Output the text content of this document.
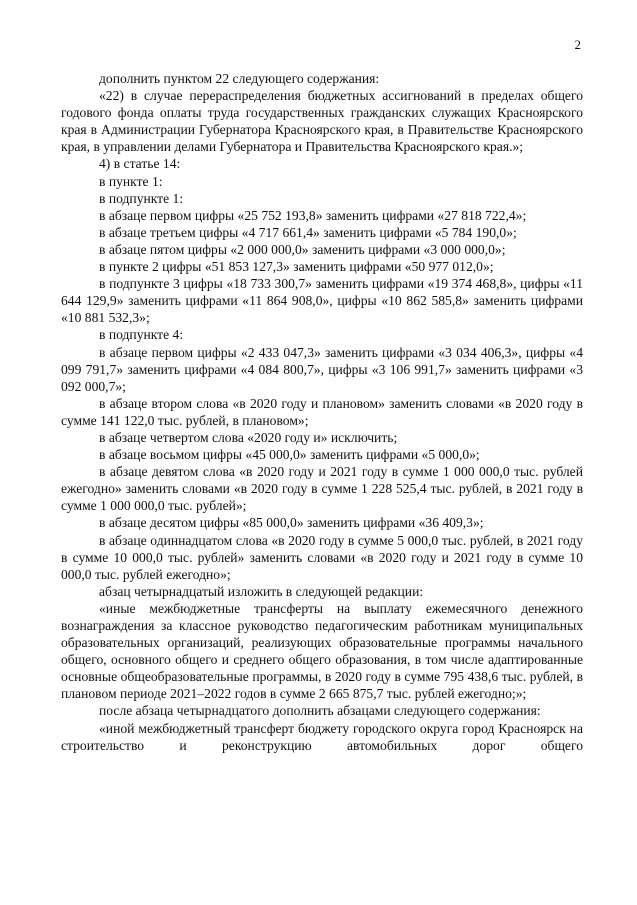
2

дополнить пунктом 22 следующего содержания:

«22) в случае перераспределения бюджетных ассигнований в пределах общего годового фонда оплаты труда государственных гражданских служащих Красноярского края в Администрации Губернатора Красноярского края, в Правительстве Красноярского края, в управлении делами Губернатора и Правительства Красноярского края.»;

4) в статье 14:

в пункте 1:

в подпункте 1:

в абзаце первом цифры «25 752 193,8» заменить цифрами «27 818 722,4»;

в абзаце третьем цифры «4 717 661,4» заменить цифрами «5 784 190,0»;

в абзаце пятом цифры «2 000 000,0» заменить цифрами «3 000 000,0»;

в пункте 2 цифры «51 853 127,3» заменить цифрами «50 977 012,0»;

в подпункте 3 цифры «18 733 300,7» заменить цифрами «19 374 468,8», цифры «11 644 129,9» заменить цифрами «11 864 908,0», цифры «10 862 585,8» заменить цифрами «10 881 532,3»;

в подпункте 4:

в абзаце первом цифры «2 433 047,3» заменить цифрами «3 034 406,3», цифры «4 099 791,7» заменить цифрами «4 084 800,7», цифры «3 106 991,7» заменить цифрами «3 092 000,7»;

в абзаце втором слова «в 2020 году и плановом» заменить словами «в 2020 году в сумме 141 122,0 тыс. рублей, в плановом»;

в абзаце четвертом слова «2020 году и» исключить;

в абзаце восьмом цифры «45 000,0» заменить цифрами «5 000,0»;

в абзаце девятом слова «в 2020 году и 2021 году в сумме 1 000 000,0 тыс. рублей ежегодно» заменить словами «в 2020 году в сумме 1 228 525,4 тыс. рублей, в 2021 году в сумме 1 000 000,0 тыс. рублей»;

в абзаце десятом цифры «85 000,0» заменить цифрами «36 409,3»;

в абзаце одиннадцатом слова «в 2020 году в сумме 5 000,0 тыс. рублей, в 2021 году в сумме 10 000,0 тыс. рублей» заменить словами «в 2020 году и 2021 году в сумме 10 000,0 тыс. рублей ежегодно»;

абзац четырнадцатый изложить в следующей редакции:

«иные межбюджетные трансферты на выплату ежемесячного денежного вознаграждения за классное руководство педагогическим работникам муниципальных образовательных организаций, реализующих образовательные программы начального общего, основного общего и среднего общего образования, в том числе адаптированные основные общеобразовательные программы, в 2020 году в сумме 795 438,6 тыс. рублей, в плановом периоде 2021–2022 годов в сумме 2 665 875,7 тыс. рублей ежегодно;»;

после абзаца четырнадцатого дополнить абзацами следующего содержания:

«иной межбюджетный трансферт бюджету городского округа город Красноярск на строительство и реконструкцию автомобильных дорог общего
